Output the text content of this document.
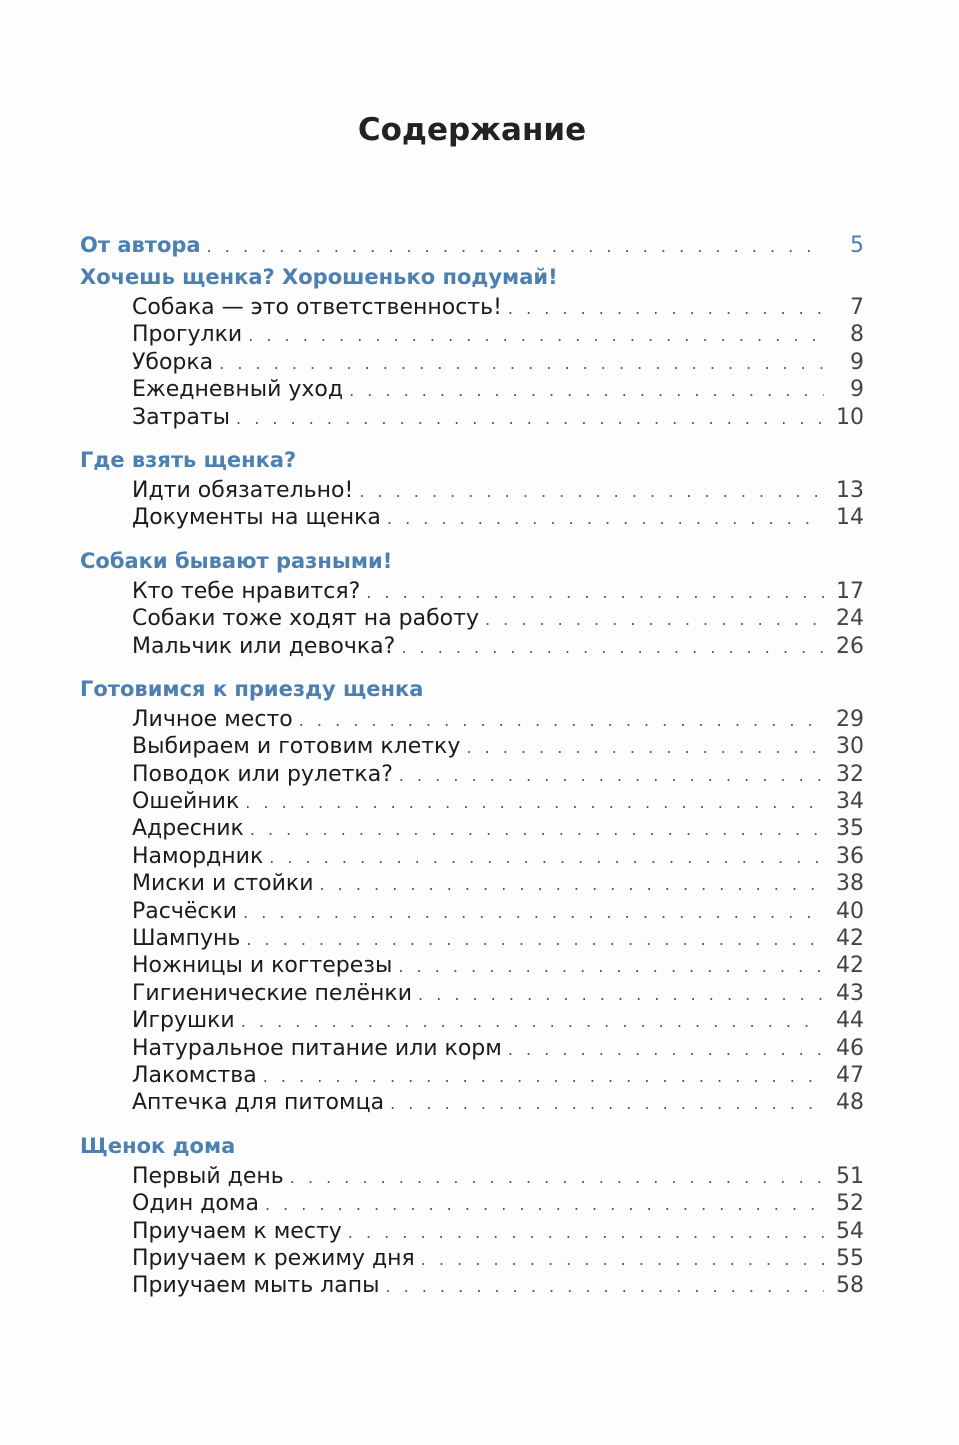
Содержание
От автора . . .	5
Хочешь щенка? Хорошенько подумай!
Собака — это ответственность! . . .	7
Прогулки . . .	8
Уборка . . .	9
Ежедневный уход . . .	9
Затраты . . .	10
Где взять щенка?
Идти обязательно! . . .	13
Документы на щенка . . .	14
Собаки бывают разными!
Кто тебе нравится? . . .	17
Собаки тоже ходят на работу . . .	24
Мальчик или девочка? . . .	26
Готовимся к приезду щенка
Личное место . . .	29
Выбираем и готовим клетку . . .	30
Поводок или рулетка? . . .	32
Ошейник . . .	34
Адресник . . .	35
Намордник . . .	36
Миски и стойки . . .	38
Расчёски . . .	40
Шампунь . . .	42
Ножницы и когтерезы . . .	42
Гигиенические пелёнки . . .	43
Игрушки . . .	44
Натуральное питание или корм . . .	46
Лакомства . . .	47
Аптечка для питомца . . .	48
Щенок дома
Первый день . . .	51
Один дома . . .	52
Приучаем к месту . . .	54
Приучаем к режиму дня . . .	55
Приучаем мыть лапы . . .	58
